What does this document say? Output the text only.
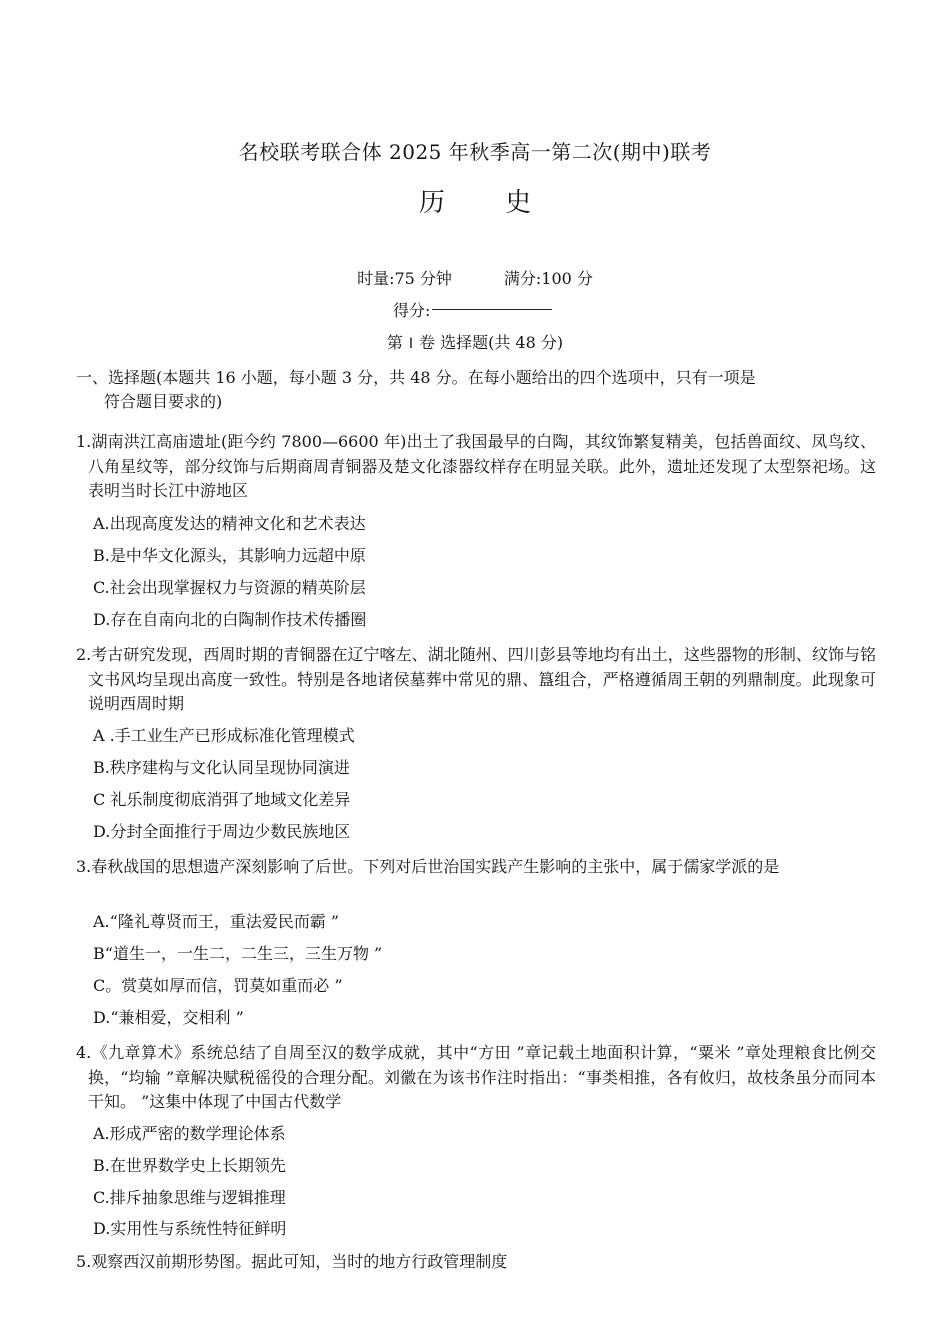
名校联考联合体 2025 年秋季高一第二次(期中)联考
历 史
时量:75 分钟	满分:100 分
得分:
第 Ⅰ 卷 选择题(共 48 分)
一、选择题(本题共 16 小题，每小题 3 分，共 48 分。在每小题给出的四个选项中，只有一项是
符合题目要求的)
1.湖南洪江高庙遗址(距今约 7800—6600 年)出土了我国最早的白陶，其纹饰繁复精美，包括兽面纹、凤鸟纹、八角星纹等，部分纹饰与后期商周青铜器及楚文化漆器纹样存在明显关联。此外，遗址还发现了太型祭祀场。这表明当时长江中游地区
A.出现高度发达的精神文化和艺术表达
B.是中华文化源头，其影响力远超中原
C.社会出现掌握权力与资源的精英阶层
D.存在自南向北的白陶制作技术传播圈
2.考古研究发现，西周时期的青铜器在辽宁喀左、湖北随州、四川彭县等地均有出土，这些器物的形制、纹饰与铭文书风均呈现出高度一致性。特别是各地诸侯墓葬中常见的鼎、簋组合，严格遵循周王朝的列鼎制度。此现象可说明西周时期
A .手工业生产已形成标准化管理模式
B.秩序建构与文化认同呈现协同演进
C 礼乐制度彻底消弭了地域文化差异
D.分封全面推行于周边少数民族地区
3.春秋战国的思想遗产深刻影响了后世。下列对后世治国实践产生影响的主张中，属于儒家学派的是
A.“隆礼尊贤而王，重法爱民而霸 ”
B“道生一，一生二，二生三，三生万物 ”
C。赏莫如厚而信，罚莫如重而必 ”
D.“兼相爱，交相利 ”
4.《九章算术》系统总结了自周至汉的数学成就，其中“方田 ”章记载土地面积计算，“粟米 ”章处理粮食比例交换，“均输 ”章解决赋税徭役的合理分配。刘徽在为该书作注时指出：“事类相推，各有攸归，故枝条虽分而同本干知。 ”这集中体现了中国古代数学
A.形成严密的数学理论体系
B.在世界数学史上长期领先
C.排斥抽象思维与逻辑推理
D.实用性与系统性特征鲜明
5.观察西汉前期形势图。据此可知，当时的地方行政管理制度
